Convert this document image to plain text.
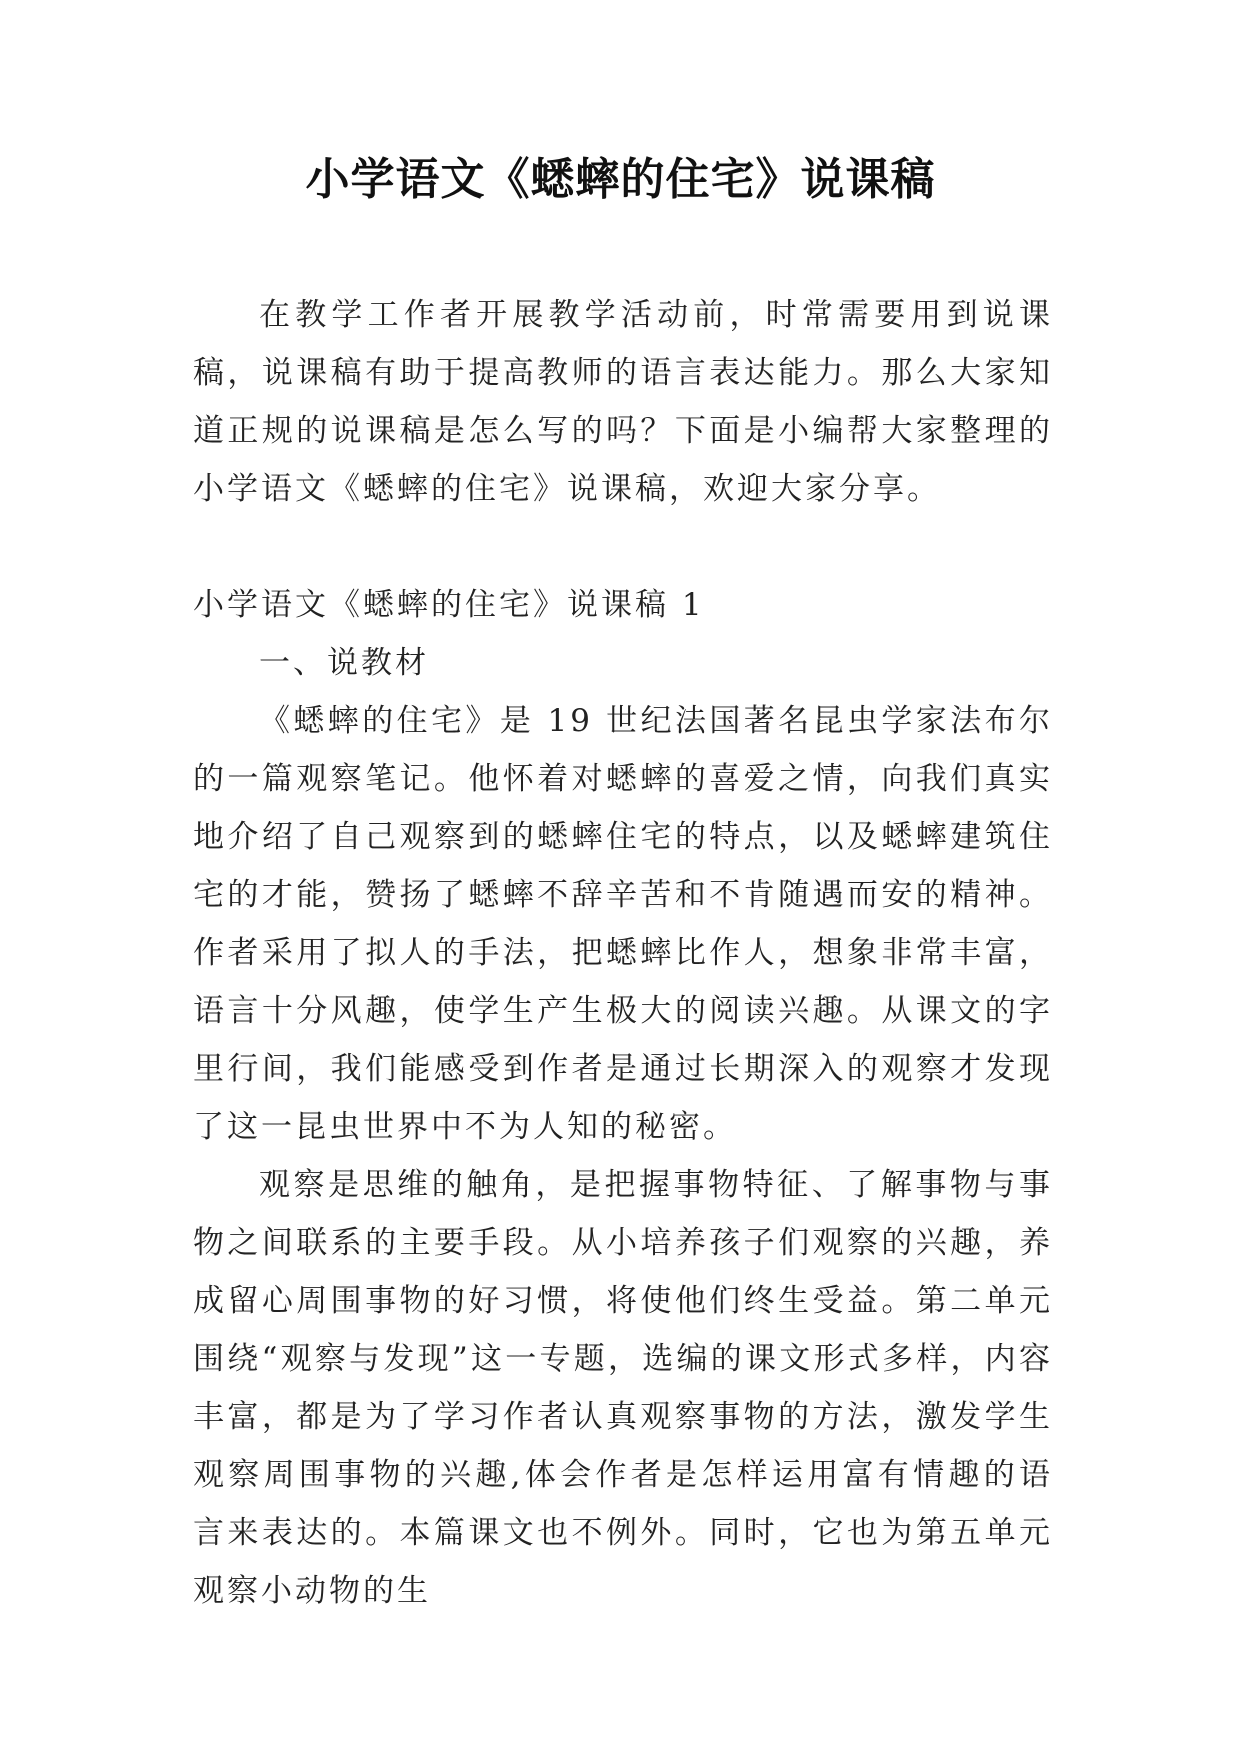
小学语文《蟋蟀的住宅》说课稿

在教学工作者开展教学活动前，时常需要用到说课稿，说课稿有助于提高教师的语言表达能力。那么大家知道正规的说课稿是怎么写的吗？下面是小编帮大家整理的小学语文《蟋蟀的住宅》说课稿，欢迎大家分享。

小学语文《蟋蟀的住宅》说课稿 1

一、说教材

《蟋蟀的住宅》是 19 世纪法国著名昆虫学家法布尔的一篇观察笔记。他怀着对蟋蟀的喜爱之情，向我们真实地介绍了自己观察到的蟋蟀住宅的特点，以及蟋蟀建筑住宅的才能，赞扬了蟋蟀不辞辛苦和不肯随遇而安的精神。作者采用了拟人的手法，把蟋蟀比作人，想象非常丰富，语言十分风趣，使学生产生极大的阅读兴趣。从课文的字里行间，我们能感受到作者是通过长期深入的观察才发现了这一昆虫世界中不为人知的秘密。

观察是思维的触角，是把握事物特征、了解事物与事物之间联系的主要手段。从小培养孩子们观察的兴趣，养成留心周围事物的好习惯，将使他们终生受益。第二单元围绕“观察与发现”这一专题，选编的课文形式多样，内容丰富，都是为了学习作者认真观察事物的方法，激发学生观察周围事物的兴趣,体会作者是怎样运用富有情趣的语言来表达的。本篇课文也不例外。同时，它也为第五单元观察小动物的生
